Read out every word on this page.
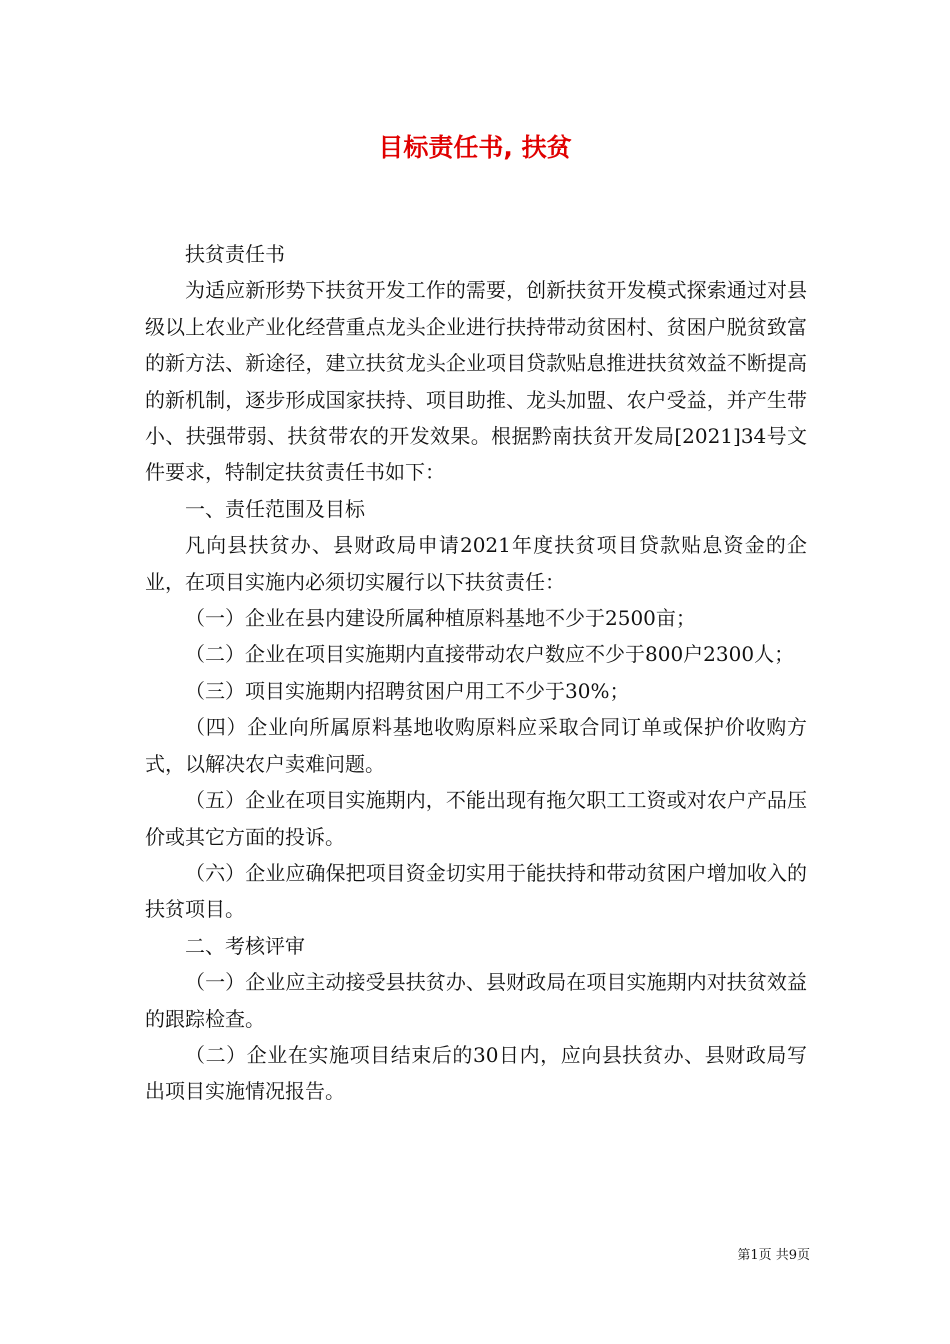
目标责任书, 扶贫

扶贫责任书

为适应新形势下扶贫开发工作的需要，创新扶贫开发模式探索通过对县级以上农业产业化经营重点龙头企业进行扶持带动贫困村、贫困户脱贫致富的新方法、新途径，建立扶贫龙头企业项目贷款贴息推进扶贫效益不断提高的新机制，逐步形成国家扶持、项目助推、龙头加盟、农户受益，并产生带小、扶强带弱、扶贫带农的开发效果。根据黔南扶贫开发局[2021]34号文件要求，特制定扶贫责任书如下：

一、责任范围及目标

凡向县扶贫办、县财政局申请2021年度扶贫项目贷款贴息资金的企业，在项目实施内必须切实履行以下扶贫责任：

（一）企业在县内建设所属种植原料基地不少于2500亩；

（二）企业在项目实施期内直接带动农户数应不少于800户2300人；

（三）项目实施期内招聘贫困户用工不少于30%；

（四）企业向所属原料基地收购原料应采取合同订单或保护价收购方式，以解决农户卖难问题。

（五）企业在项目实施期内，不能出现有拖欠职工工资或对农户产品压价或其它方面的投诉。

（六）企业应确保把项目资金切实用于能扶持和带动贫困户增加收入的扶贫项目。

二、考核评审

（一）企业应主动接受县扶贫办、县财政局在项目实施期内对扶贫效益的跟踪检查。

（二）企业在实施项目结束后的30日内，应向县扶贫办、县财政局写出项目实施情况报告。

第1页 共9页
